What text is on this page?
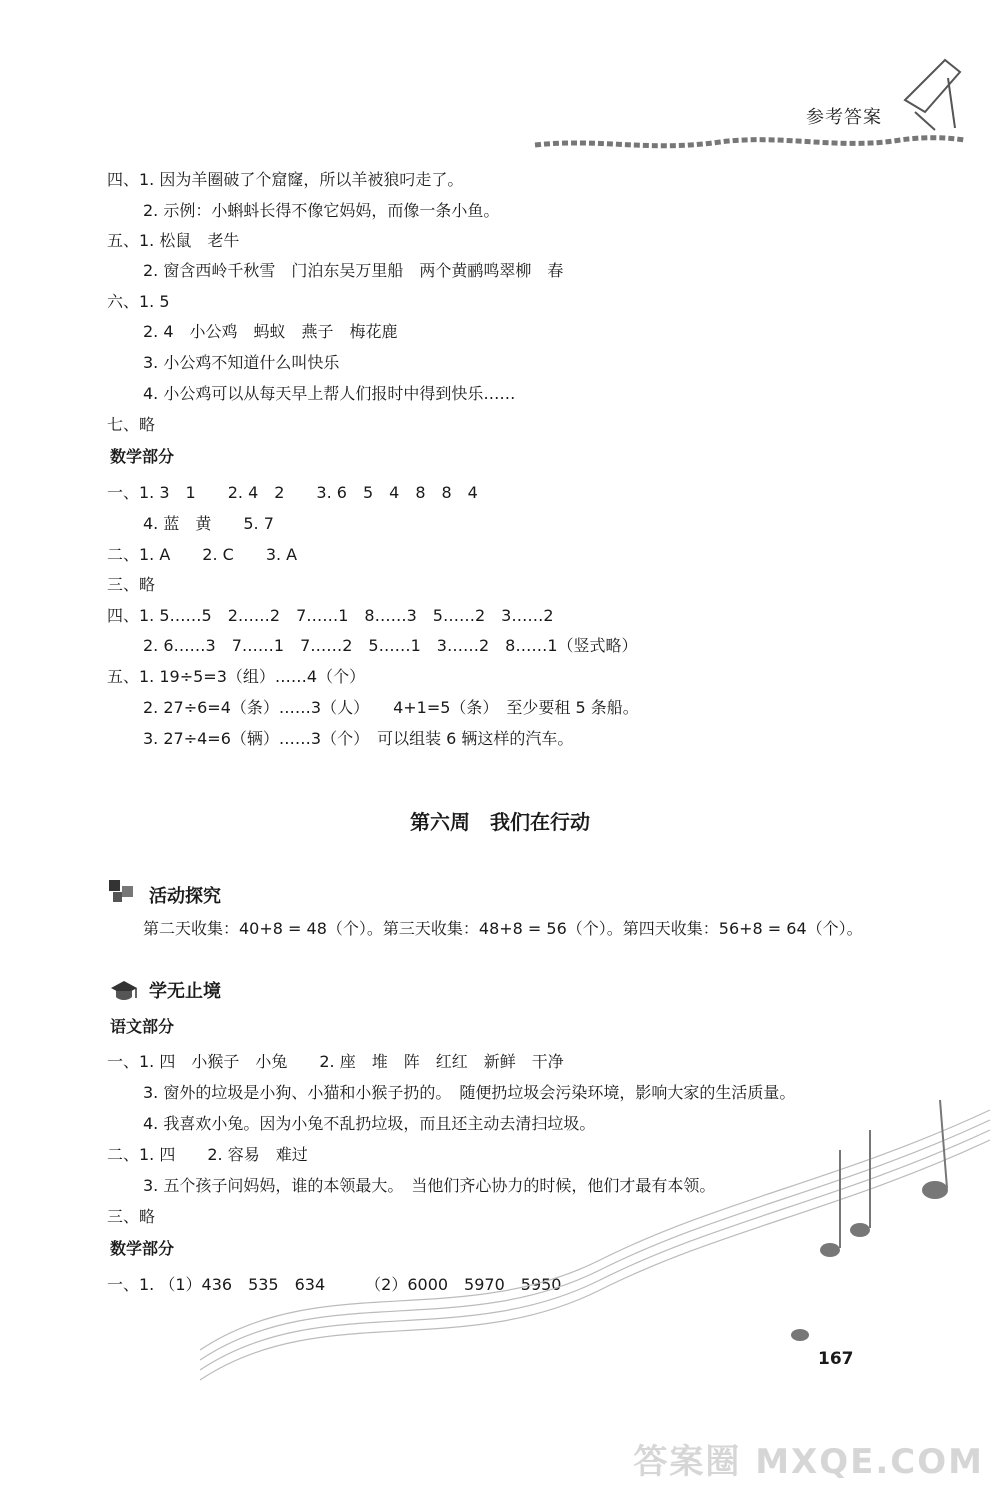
参考答案
四、1. 因为羊圈破了个窟窿，所以羊被狼叼走了。
2. 示例：小蝌蚪长得不像它妈妈，而像一条小鱼。
五、1. 松鼠　老牛
2. 窗含西岭千秋雪　门泊东吴万里船　两个黄鹂鸣翠柳　春
六、1. 5
2. 4　小公鸡　蚂蚁　燕子　梅花鹿
3. 小公鸡不知道什么叫快乐
4. 小公鸡可以从每天早上帮人们报时中得到快乐……
七、略
数学部分
一、1. 3　1　　2. 4　2　　3. 6　5　4　8　8　4
4. 蓝　黄　　5. 7
二、1. A　　2. C　　3. A
三、略
四、1. 5……5　2……2　7……1　8……3　5……2　3……2
2. 6……3　7……1　7……2　5……1　3……2　8……1（竖式略）
五、1. 19÷5=3（组）……4（个）
2. 27÷6=4（条）……3（人）　　4+1=5（条）　至少要租 5 条船。
3. 27÷4=6（辆）……3（个）　可以组装 6 辆这样的汽车。
第六周　我们在行动
活动探究
第二天收集：40+8 = 48（个）。第三天收集：48+8 = 56（个）。第四天收集：56+8 = 64（个）。
学无止境
语文部分
一、1. 四　小猴子　小兔　　2. 座　堆　阵　红红　新鲜　干净
3. 窗外的垃圾是小狗、小猫和小猴子扔的。　随便扔垃圾会污染环境，影响大家的生活质量。
4. 我喜欢小兔。因为小兔不乱扔垃圾，而且还主动去清扫垃圾。
二、1. 四　　2. 容易　难过
3. 五个孩子问妈妈，谁的本领最大。　当他们齐心协力的时候，他们才最有本领。
三、略
数学部分
一、1. （1）436　535　634　　　（2）6000　5970　5950
167
答案圈 MXQE.COM
